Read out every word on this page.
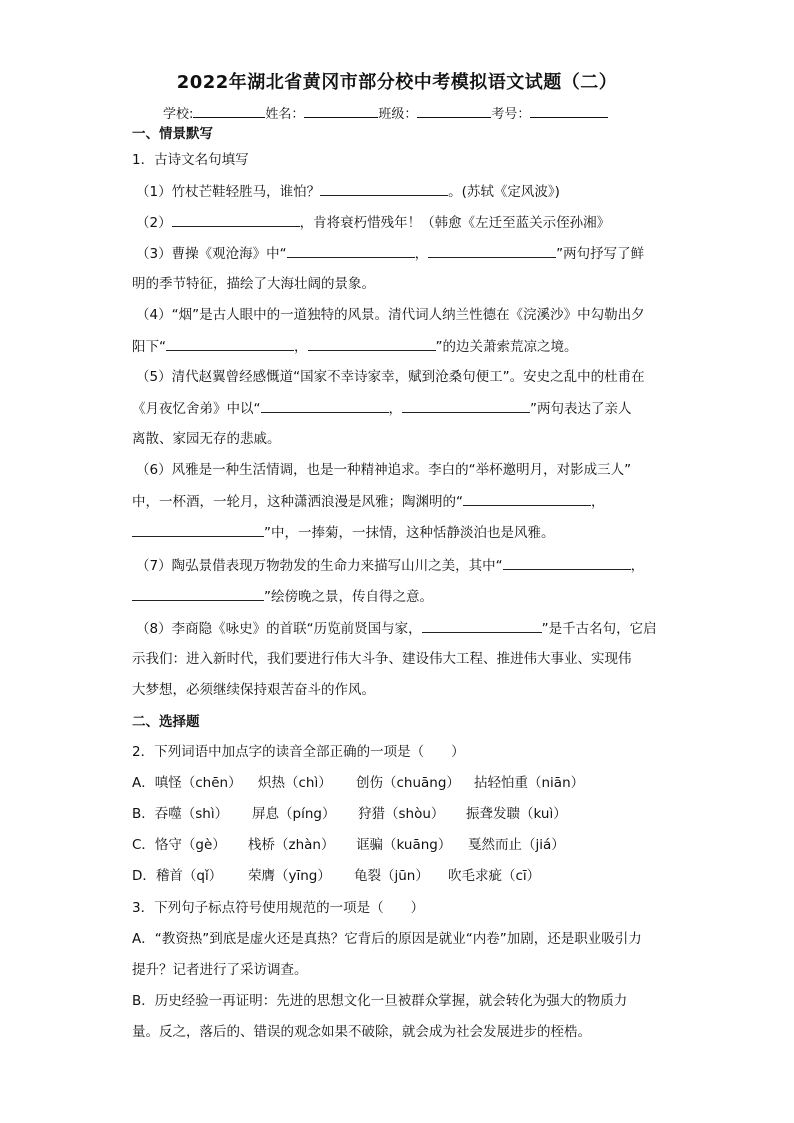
2022年湖北省黄冈市部分校中考模拟语文试题（二）
学校:	姓名：	班级：	考号：
一、情景默写
1．古诗文名句填写
（1）竹杖芒鞋轻胜马，谁怕？	。(苏轼《定风波》)
（2）	，肯将衰朽惜残年！（韩愈《左迁至蓝关示侄孙湘》
（3）曹操《观沧海》中“	，	”两句抒写了鲜
明的季节特征，描绘了大海壮阔的景象。
（4）“烟”是古人眼中的一道独特的风景。清代词人纳兰性德在《浣溪沙》中勾勒出夕
阳下“	，	”的边关萧索荒凉之境。
（5）清代赵翼曾经感慨道“国家不幸诗家幸，赋到沧桑句便工”。安史之乱中的杜甫在
《月夜忆舍弟》中以“	，	”两句表达了亲人
离散、家园无存的悲戚。
（6）风雅是一种生活情调，也是一种精神追求。李白的“举杯邀明月，对影成三人”
中，一杯酒，一轮月，这种潇洒浪漫是风雅；陶渊明的“	，
”中，一捧菊，一抹情，这种恬静淡泊也是风雅。
（7）陶弘景借表现万物勃发的生命力来描写山川之美，其中“	，
”绘傍晚之景，传自得之意。
（8）李商隐《咏史》的首联“历览前贤国与家，	”是千古名句，它启
示我们：进入新时代，我们要进行伟大斗争、建设伟大工程、推进伟大事业、实现伟
大梦想，必须继续保持艰苦奋斗的作风。
二、选择题
2．下列词语中加点字的读音全部正确的一项是（　　）
A．嗔怪（chēn） 炽热（chì） 创伤（chuāng） 拈轻怕重（niān）
B．吞噬（shì） 屏息（píng） 狩猎（shòu） 振聋发聩（kuì）
C．恪守（gè） 栈桥（zhàn） 诓骗（kuāng） 戛然而止（jiá）
D．稽首（qǐ） 荣膺（yīng） 龟裂（jūn） 吹毛求疵（cī）
3．下列句子标点符号使用规范的一项是（　　）
A．“教资热”到底是虚火还是真热？它背后的原因是就业“内卷”加剧，还是职业吸引力
提升？记者进行了采访调查。
B．历史经验一再证明：先进的思想文化一旦被群众掌握，就会转化为强大的物质力
量。反之，落后的、错误的观念如果不破除，就会成为社会发展进步的桎梏。
